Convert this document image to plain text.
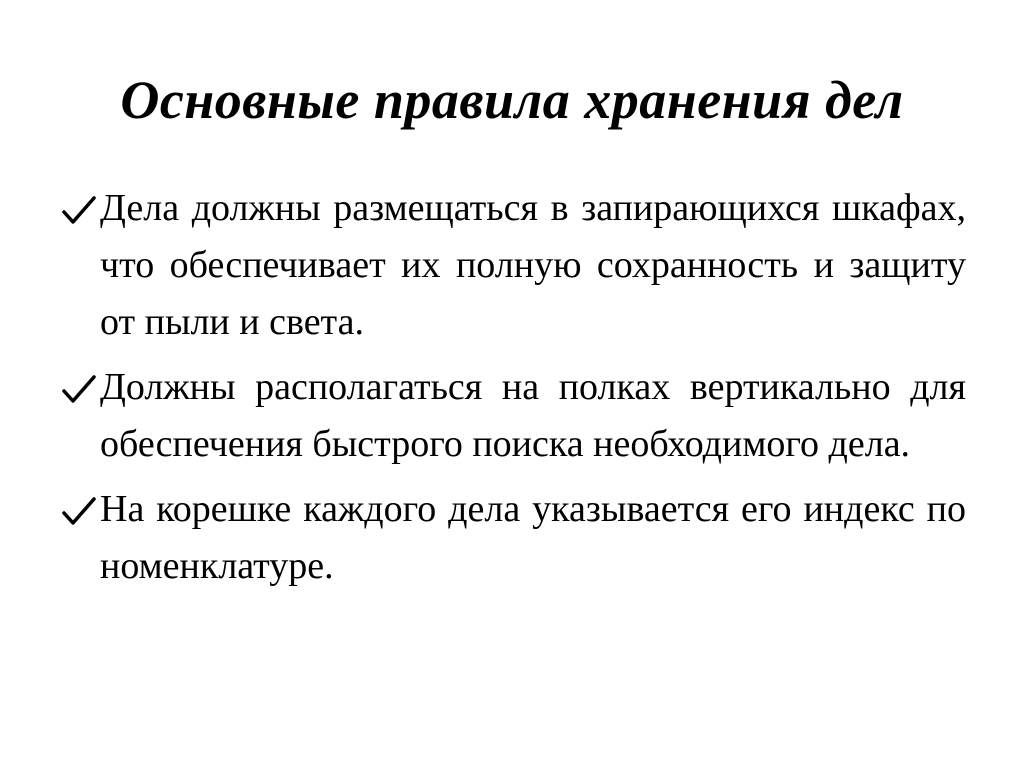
Основные правила хранения дел
Дела должны размещаться в запирающихся шкафах, что обеспечивает их полную сохранность и защиту от пыли и света.
Должны располагаться на полках вертикально для обеспечения быстрого поиска необходимого дела.
На корешке каждого дела указывается его индекс по номенклатуре.
